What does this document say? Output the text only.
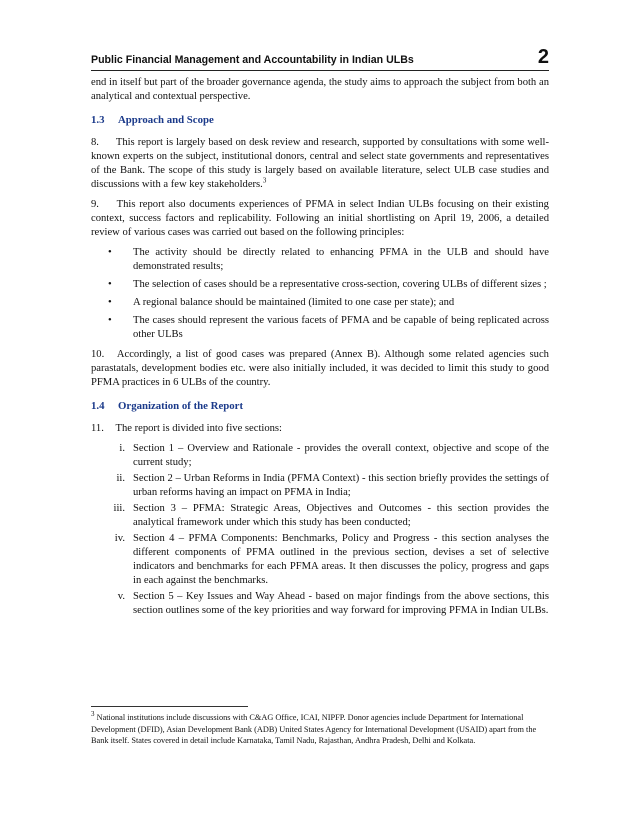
Public Financial Management and Accountability in Indian ULBs	2

end in itself but part of the broader governance agenda, the study aims to approach the subject from both an analytical and contextual perspective.

1.3 Approach and Scope

8. This report is largely based on desk review and research, supported by consultations with some well-known experts on the subject, institutional donors, central and select state governments and representatives of the Bank. The scope of this study is largely based on available literature, select ULB case studies and discussions with a few key stakeholders.$^3$

9. This report also documents experiences of PFMA in select Indian ULBs focusing on their existing context, success factors and replicability. Following an initial shortlisting on April 19, 2006, a detailed review of various cases was carried out based on the following principles:

• The activity should be directly related to enhancing PFMA in the ULB and should have demonstrated results;
• The selection of cases should be a representative cross-section, covering ULBs of different sizes ;
• A regional balance should be maintained (limited to one case per state); and
• The cases should represent the various facets of PFMA and be capable of being replicated across other ULBs

10. Accordingly, a list of good cases was prepared (Annex B). Although some related agencies such parastatals, development bodies etc. were also initially included, it was decided to limit this study to good PFMA practices in 6 ULBs of the country.

1.4 Organization of the Report

11. The report is divided into five sections:

i. Section 1 – Overview and Rationale - provides the overall context, objective and scope of the current study;
ii. Section 2 – Urban Reforms in India (PFMA Context) - this section briefly provides the settings of urban reforms having an impact on PFMA in India;
iii. Section 3 – PFMA: Strategic Areas, Objectives and Outcomes - this section provides the analytical framework under which this study has been conducted;
iv. Section 4 – PFMA Components: Benchmarks, Policy and Progress - this section analyses the different components of PFMA outlined in the previous section, devises a set of selective indicators and benchmarks for each PFMA areas. It then discusses the policy, progress and gaps in each against the benchmarks.
v. Section 5 – Key Issues and Way Ahead - based on major findings from the above sections, this section outlines some of the key priorities and way forward for improving PFMA in Indian ULBs.
$^3$ National institutions include discussions with C&AG Office, ICAI, NIPFP. Donor agencies include Department for International Development (DFID), Asian Development Bank (ADB) United States Agency for International Development (USAID) apart from the Bank itself. States covered in detail include Karnataka, Tamil Nadu, Rajasthan, Andhra Pradesh, Delhi and Kolkata.
